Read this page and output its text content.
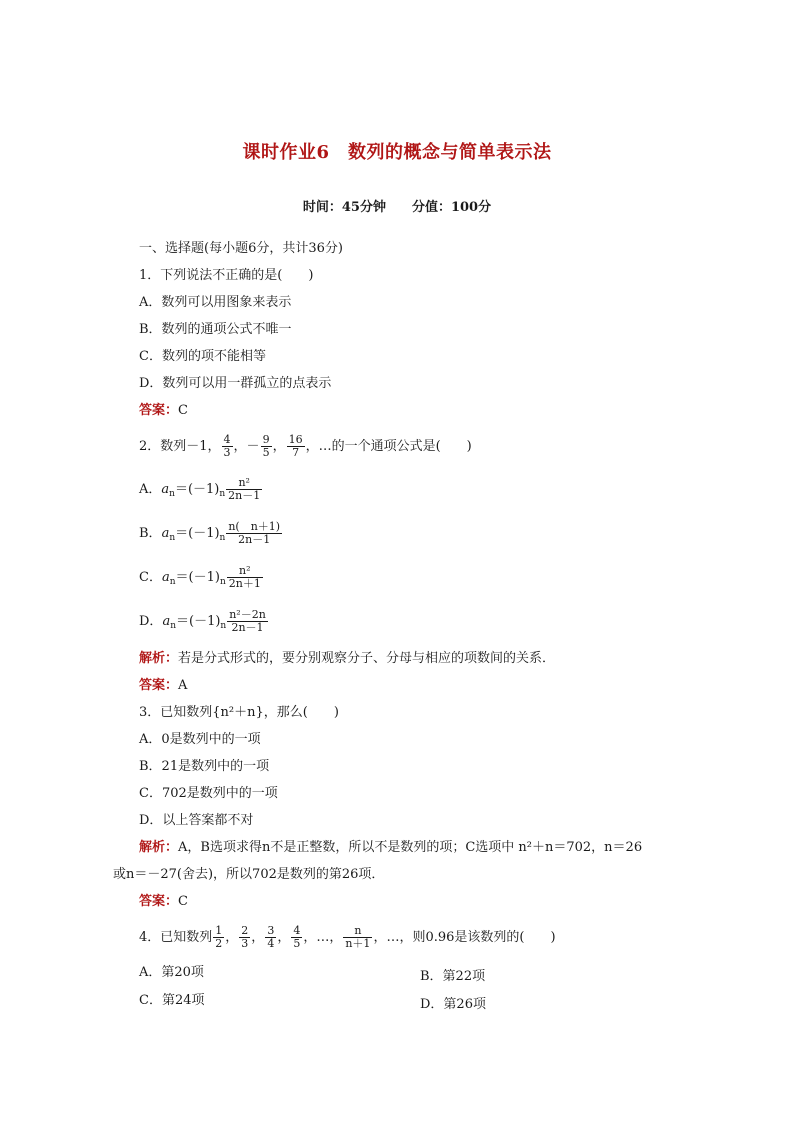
课时作业6　数列的概念与简单表示法
时间：45分钟 分值：100分
一、选择题(每小题6分，共计36分)
1．下列说法不正确的是(　　)
A．数列可以用图象来表示
B．数列的通项公式不唯一
C．数列的项不能相等
D．数列可以用一群孤立的点表示
答案：C
2．数列－1， $\frac{4}{3}$ ，－ $\frac{9}{5}$ ， $\frac{16}{7}$ ，…的一个通项公式是(　　)
A．$a_n=(-1)_n \frac{\text{n²}}{2n-1}$
B．$a_n=(-1)_n \frac{n( n+1)}{2n-1}$
C．$a_n=(-1)_n \frac{\text{n²}}{2n+1}$
D．$a_n=(-1)_n \frac{\text{n²－2n}}{2n-1}$
解析：若是分式形式的，要分别观察分子、分母与相应的项数间的关系．
答案：A
3．已知数列{n²＋n}，那么(　　)
A．0是数列中的一项
B．21是数列中的一项
C．702是数列中的一项
D．以上答案都不对
解析：A，B选项求得n不是正整数，所以不是数列的项；C选项中 n²＋n＝702，n＝26
或n＝－27(舍去)，所以702是数列的第26项．
答案：C
4．已知数列 $\frac{1}{2}$ ， $\frac{2}{3}$ ， $\frac{3}{4}$ ， $\frac{4}{5}$ ，…， $\frac{n}{n+1}$ ，…，则0.96是该数列的(　　)
A．第20项	B．第22项
C．第24项	D．第26项
